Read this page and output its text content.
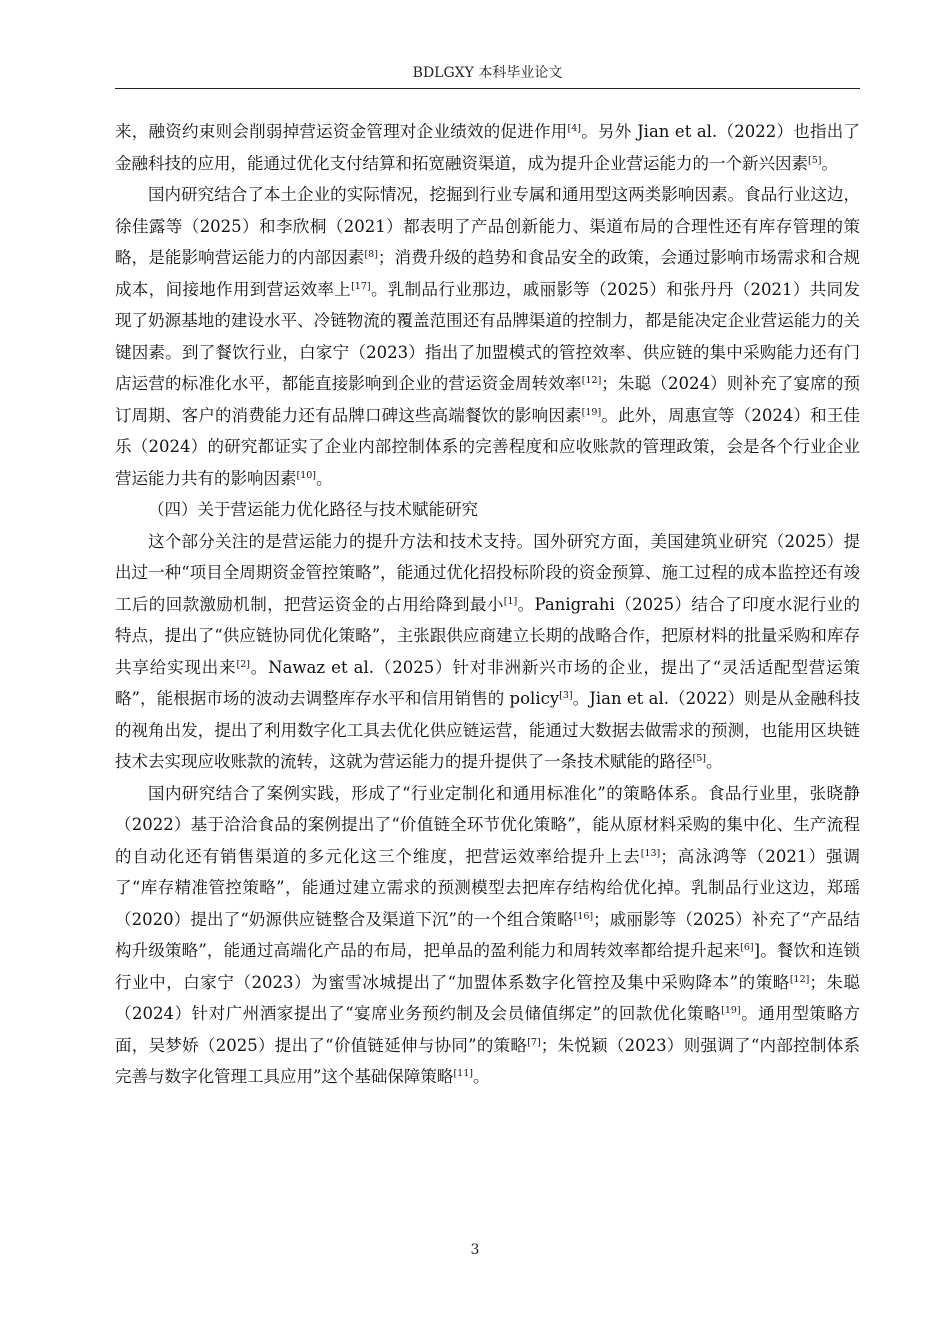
BDLGXY 本科毕业论文

来，融资约束则会削弱掉营运资金管理对企业绩效的促进作用[4]。另外 Jian et al.（2022）也指出了金融科技的应用，能通过优化支付结算和拓宽融资渠道，成为提升企业营运能力的一个新兴因素[5]。

国内研究结合了本土企业的实际情况，挖掘到行业专属和通用型这两类影响因素。食品行业这边，徐佳露等（2025）和李欣桐（2021）都表明了产品创新能力、渠道布局的合理性还有库存管理的策略，是能影响营运能力的内部因素[8]；消费升级的趋势和食品安全的政策，会通过影响市场需求和合规成本，间接地作用到营运效率上[17]。乳制品行业那边，戚丽影等（2025）和张丹丹（2021）共同发现了奶源基地的建设水平、冷链物流的覆盖范围还有品牌渠道的控制力，都是能决定企业营运能力的关键因素。到了餐饮行业，白家宁（2023）指出了加盟模式的管控效率、供应链的集中采购能力还有门店运营的标准化水平，都能直接影响到企业的营运资金周转效率[12]；朱聪（2024）则补充了宴席的预订周期、客户的消费能力还有品牌口碑这些高端餐饮的影响因素[19]。此外，周惠宣等（2024）和王佳乐（2024）的研究都证实了企业内部控制体系的完善程度和应收账款的管理政策，会是各个行业企业营运能力共有的影响因素[10]。

（四）关于营运能力优化路径与技术赋能研究

这个部分关注的是营运能力的提升方法和技术支持。国外研究方面，美国建筑业研究（2025）提出过一种“项目全周期资金管控策略”，能通过优化招投标阶段的资金预算、施工过程的成本监控还有竣工后的回款激励机制，把营运资金的占用给降到最小[1]。Panigrahi（2025）结合了印度水泥行业的特点，提出了“供应链协同优化策略”，主张跟供应商建立长期的战略合作，把原材料的批量采购和库存共享给实现出来[2]。Nawaz et al.（2025）针对非洲新兴市场的企业，提出了“灵活适配型营运策略”，能根据市场的波动去调整库存水平和信用销售的 policy[3]。Jian et al.（2022）则是从金融科技的视角出发，提出了利用数字化工具去优化供应链运营，能通过大数据去做需求的预测，也能用区块链技术去实现应收账款的流转，这就为营运能力的提升提供了一条技术赋能的路径[5]。

国内研究结合了案例实践，形成了“行业定制化和通用标准化”的策略体系。食品行业里，张晓静（2022）基于洽洽食品的案例提出了“价值链全环节优化策略”，能从原材料采购的集中化、生产流程的自动化还有销售渠道的多元化这三个维度，把营运效率给提升上去[13]；高泳鸿等（2021）强调了“库存精准管控策略”，能通过建立需求的预测模型去把库存结构给优化掉。乳制品行业这边，郑瑶（2020）提出了“奶源供应链整合及渠道下沉”的一个组合策略[16]；戚丽影等（2025）补充了“产品结构升级策略”，能通过高端化产品的布局，把单品的盈利能力和周转效率都给提升起来[6]]。餐饮和连锁行业中，白家宁（2023）为蜜雪冰城提出了“加盟体系数字化管控及集中采购降本”的策略[12]；朱聪（2024）针对广州酒家提出了“宴席业务预约制及会员储值绑定”的回款优化策略[19]。通用型策略方面，吴梦娇（2025）提出了“价值链延伸与协同”的策略[7]；朱悦颖（2023）则强调了“内部控制体系完善与数字化管理工具应用”这个基础保障策略[11]。

3
